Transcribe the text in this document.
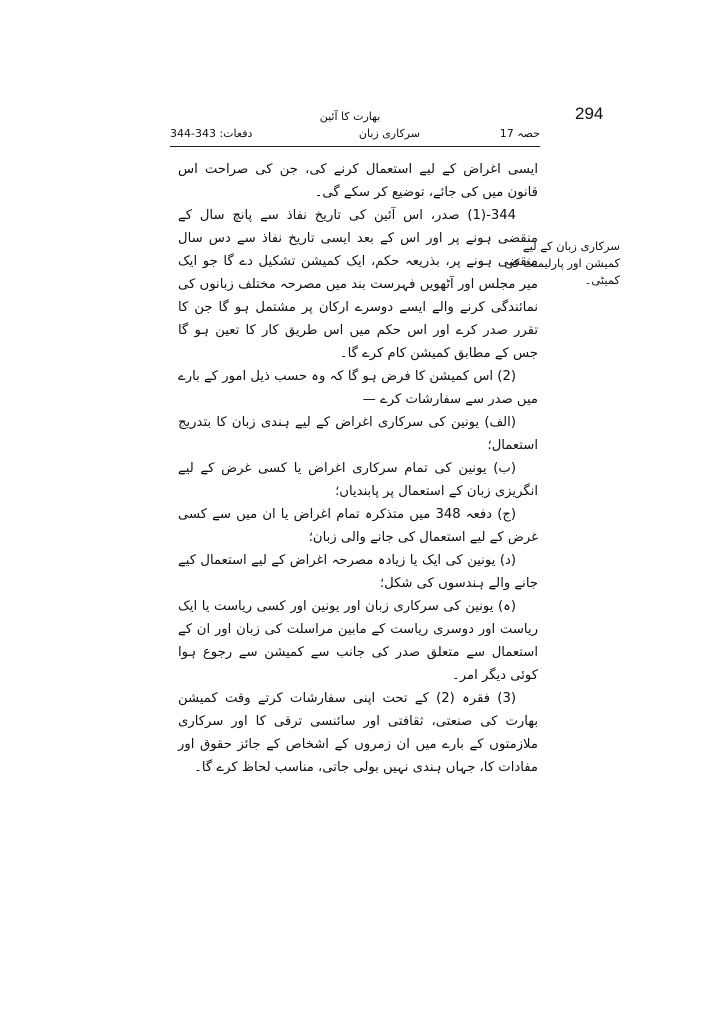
294
بھارت کا آئین
حصہ 17
سرکاری زبان
دفعات: 343-344
سرکاری زبان کے لیے کمیشن اور پارلیمنٹ کی کمیٹی۔

ایسی اغراض کے لیے استعمال کرنے کی، جن کی صراحت اس قانون میں کی جائے، توضیع کر سکے گی۔

344-(1) صدر، اس آئین کی تاریخ نفاذ سے پانچ سال کے منقضی ہونے پر اور اس کے بعد ایسی تاریخ نفاذ سے دس سال منقضی ہونے پر، بذریعہ حکم، ایک کمیشن تشکیل دے گا جو ایک میر مجلس اور آٹھویں فہرست بند میں مصرحہ مختلف زبانوں کی نمائندگی کرنے والے ایسے دوسرے ارکان پر مشتمل ہو گا جن کا تقرر صدر کرے اور اس حکم میں اس طریق کار کا تعین ہو گا جس کے مطابق کمیشن کام کرے گا۔

(2) اس کمیشن کا فرض ہو گا کہ وہ حسب ذیل امور کے بارے میں صدر سے سفارشات کرے —

(الف) یونین کی سرکاری اغراض کے لیے ہندی زبان کا بتدریج استعمال؛

(ب) یونین کی تمام سرکاری اغراض یا کسی غرض کے لیے انگریزی زبان کے استعمال پر پابندیاں؛

(ج) دفعہ 348 میں متذکرہ تمام اغراض یا ان میں سے کسی غرض کے لیے استعمال کی جانے والی زبان؛

(د) یونین کی ایک یا زیادہ مصرحہ اغراض کے لیے استعمال کیے جانے والے ہندسوں کی شکل؛

(ہ) یونین کی سرکاری زبان اور یونین اور کسی ریاست یا ایک ریاست اور دوسری ریاست کے مابین مراسلت کی زبان اور ان کے استعمال سے متعلق صدر کی جانب سے کمیشن سے رجوع ہوا کوئی دیگر امر۔

(3) فقرہ (2) کے تحت اپنی سفارشات کرتے وقت کمیشن بھارت کی صنعتی، ثقافتی اور سائنسی ترقی کا اور سرکاری ملازمتوں کے بارے میں ان زمروں کے اشخاص کے جائز حقوق اور مفادات کا، جہاں ہندی نہیں بولی جاتی، مناسب لحاظ کرے گا۔
